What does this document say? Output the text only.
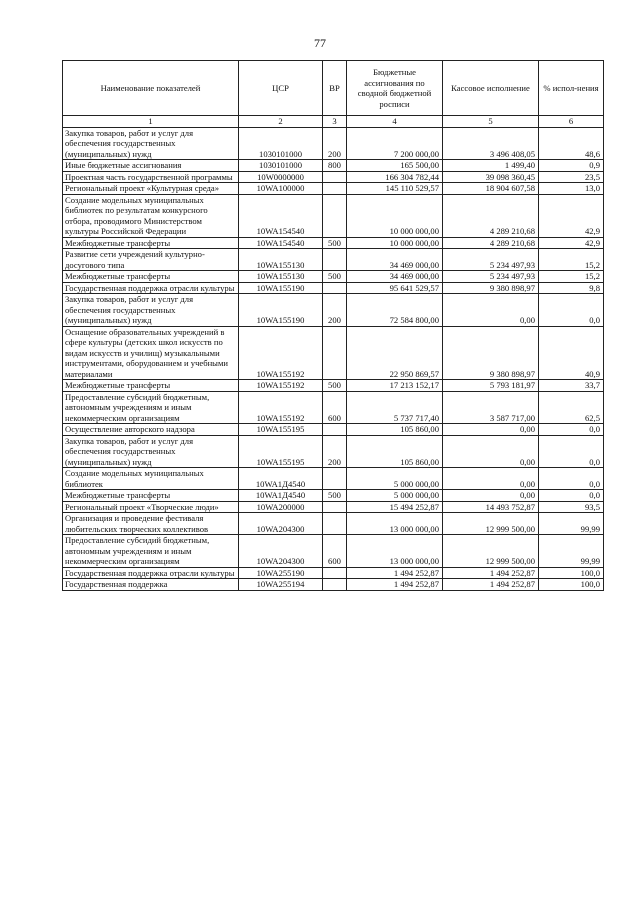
77
Наименование показателей	ЦСР	ВР	Бюджетные ассигнования по сводной бюджетной росписи	Кассовое исполнение	% испол-нения
1	2	3	4	5	6
Закупка товаров, работ и услуг для обеспечения государственных (муниципальных) нужд	1030101000	200	7 200 000,00	3 496 408,05	48,6
Иные бюджетные ассигнования	1030101000	800	165 500,00	1 499,40	0,9
Проектная часть государственной программы	10W0000000		166 304 782,44	39 098 360,45	23,5
Региональный проект «Культурная среда»	10WA100000		145 110 529,57	18 904 607,58	13,0
Создание модельных муниципальных библиотек по результатам конкурсного отбора, проводимого Министерством культуры Российской Федерации	10WA154540		10 000 000,00	4 289 210,68	42,9
Межбюджетные трансферты	10WA154540	500	10 000 000,00	4 289 210,68	42,9
Развитие сети учреждений культурно-досугового типа	10WA155130		34 469 000,00	5 234 497,93	15,2
Межбюджетные трансферты	10WA155130	500	34 469 000,00	5 234 497,93	15,2
Государственная поддержка отрасли культуры	10WA155190		95 641 529,57	9 380 898,97	9,8
Закупка товаров, работ и услуг для обеспечения государственных (муниципальных) нужд	10WA155190	200	72 584 800,00	0,00	0,0
Оснащение образовательных учреждений в сфере культуры (детских школ искусств по видам искусств и училищ) музыкальными инструментами, оборудованием и учебными материалами	10WA155192		22 950 869,57	9 380 898,97	40,9
Межбюджетные трансферты	10WA155192	500	17 213 152,17	5 793 181,97	33,7
Предоставление субсидий бюджетным, автономным учреждениям и иным некоммерческим организациям	10WA155192	600	5 737 717,40	3 587 717,00	62,5
Осуществление авторского надзора	10WA155195		105 860,00	0,00	0,0
Закупка товаров, работ и услуг для обеспечения государственных (муниципальных) нужд	10WA155195	200	105 860,00	0,00	0,0
Создание модельных муниципальных библиотек	10WA1Д4540		5 000 000,00	0,00	0,0
Межбюджетные трансферты	10WA1Д4540	500	5 000 000,00	0,00	0,0
Региональный проект «Творческие люди»	10WA200000		15 494 252,87	14 493 752,87	93,5
Организация и проведение фестиваля любительских творческих коллективов	10WA204300		13 000 000,00	12 999 500,00	99,99
Предоставление субсидий бюджетным, автономным учреждениям и иным некоммерческим организациям	10WA204300	600	13 000 000,00	12 999 500,00	99,99
Государственная поддержка отрасли культуры	10WA255190		1 494 252,87	1 494 252,87	100,0
Государственная поддержка	10WA255194		1 494 252,87	1 494 252,87	100,0
